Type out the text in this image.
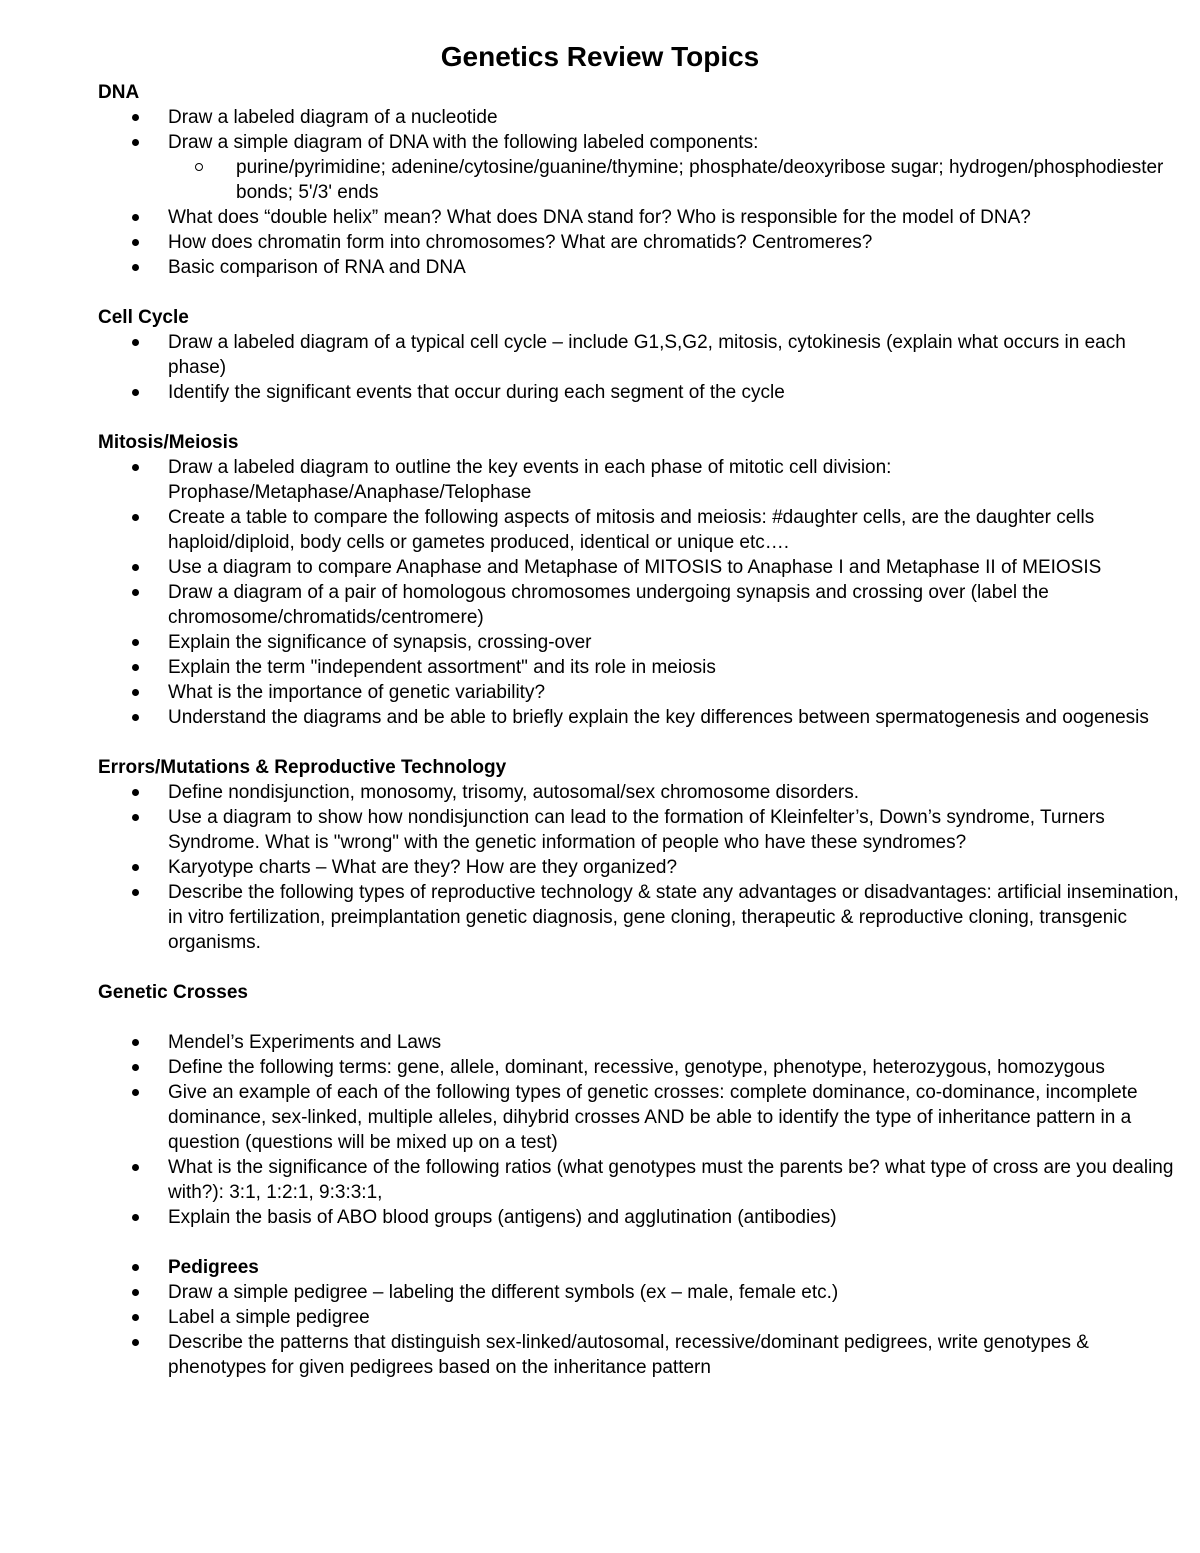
Genetics Review Topics
DNA
Draw a labeled diagram of a nucleotide
Draw a simple diagram of DNA with the following labeled components:
purine/pyrimidine; adenine/cytosine/guanine/thymine; phosphate/deoxyribose sugar; hydrogen/phosphodiester bonds; 5'/3' ends
What does “double helix” mean? What does DNA stand for? Who is responsible for the model of DNA?
How does chromatin form into chromosomes? What are chromatids? Centromeres?
Basic comparison of RNA and DNA
Cell Cycle
Draw a labeled diagram of a typical cell cycle – include G1,S,G2, mitosis, cytokinesis (explain what occurs in each phase)
Identify the significant events that occur during each segment of the cycle
Mitosis/Meiosis
Draw a labeled diagram to outline the key events in each phase of mitotic cell division: Prophase/Metaphase/Anaphase/Telophase
Create a table to compare the following aspects of mitosis and meiosis: #daughter cells, are the daughter cells haploid/diploid, body cells or gametes produced, identical or unique etc….
Use a diagram to compare Anaphase and Metaphase of MITOSIS to Anaphase I and Metaphase II of MEIOSIS
Draw a diagram of a pair of homologous chromosomes undergoing synapsis and crossing over (label the chromosome/chromatids/centromere)
Explain the significance of synapsis, crossing-over
Explain the term "independent assortment" and its role in meiosis
What is the importance of genetic variability?
Understand the diagrams and be able to briefly explain the key differences between spermatogenesis and oogenesis
Errors/Mutations & Reproductive Technology
Define nondisjunction, monosomy, trisomy, autosomal/sex chromosome disorders.
Use a diagram to show how nondisjunction can lead to the formation of Kleinfelter’s, Down’s syndrome, Turners Syndrome. What is "wrong" with the genetic information of people who have these syndromes?
Karyotype charts – What are they? How are they organized?
Describe the following types of reproductive technology & state any advantages or disadvantages: artificial insemination, in vitro fertilization, preimplantation genetic diagnosis, gene cloning, therapeutic & reproductive cloning, transgenic organisms.
Genetic Crosses
Mendel’s Experiments and Laws
Define the following terms: gene, allele, dominant, recessive, genotype, phenotype, heterozygous, homozygous
Give an example of each of the following types of genetic crosses: complete dominance, co-dominance, incomplete dominance, sex-linked, multiple alleles, dihybrid crosses AND be able to identify the type of inheritance pattern in a question (questions will be mixed up on a test)
What is the significance of the following ratios (what genotypes must the parents be? what type of cross are you dealing with?): 3:1, 1:2:1, 9:3:3:1,
Explain the basis of ABO blood groups (antigens) and agglutination (antibodies)
Pedigrees
Draw a simple pedigree – labeling the different symbols (ex – male, female etc.)
Label a simple pedigree
Describe the patterns that distinguish sex-linked/autosomal, recessive/dominant pedigrees, write genotypes & phenotypes for given pedigrees based on the inheritance pattern
